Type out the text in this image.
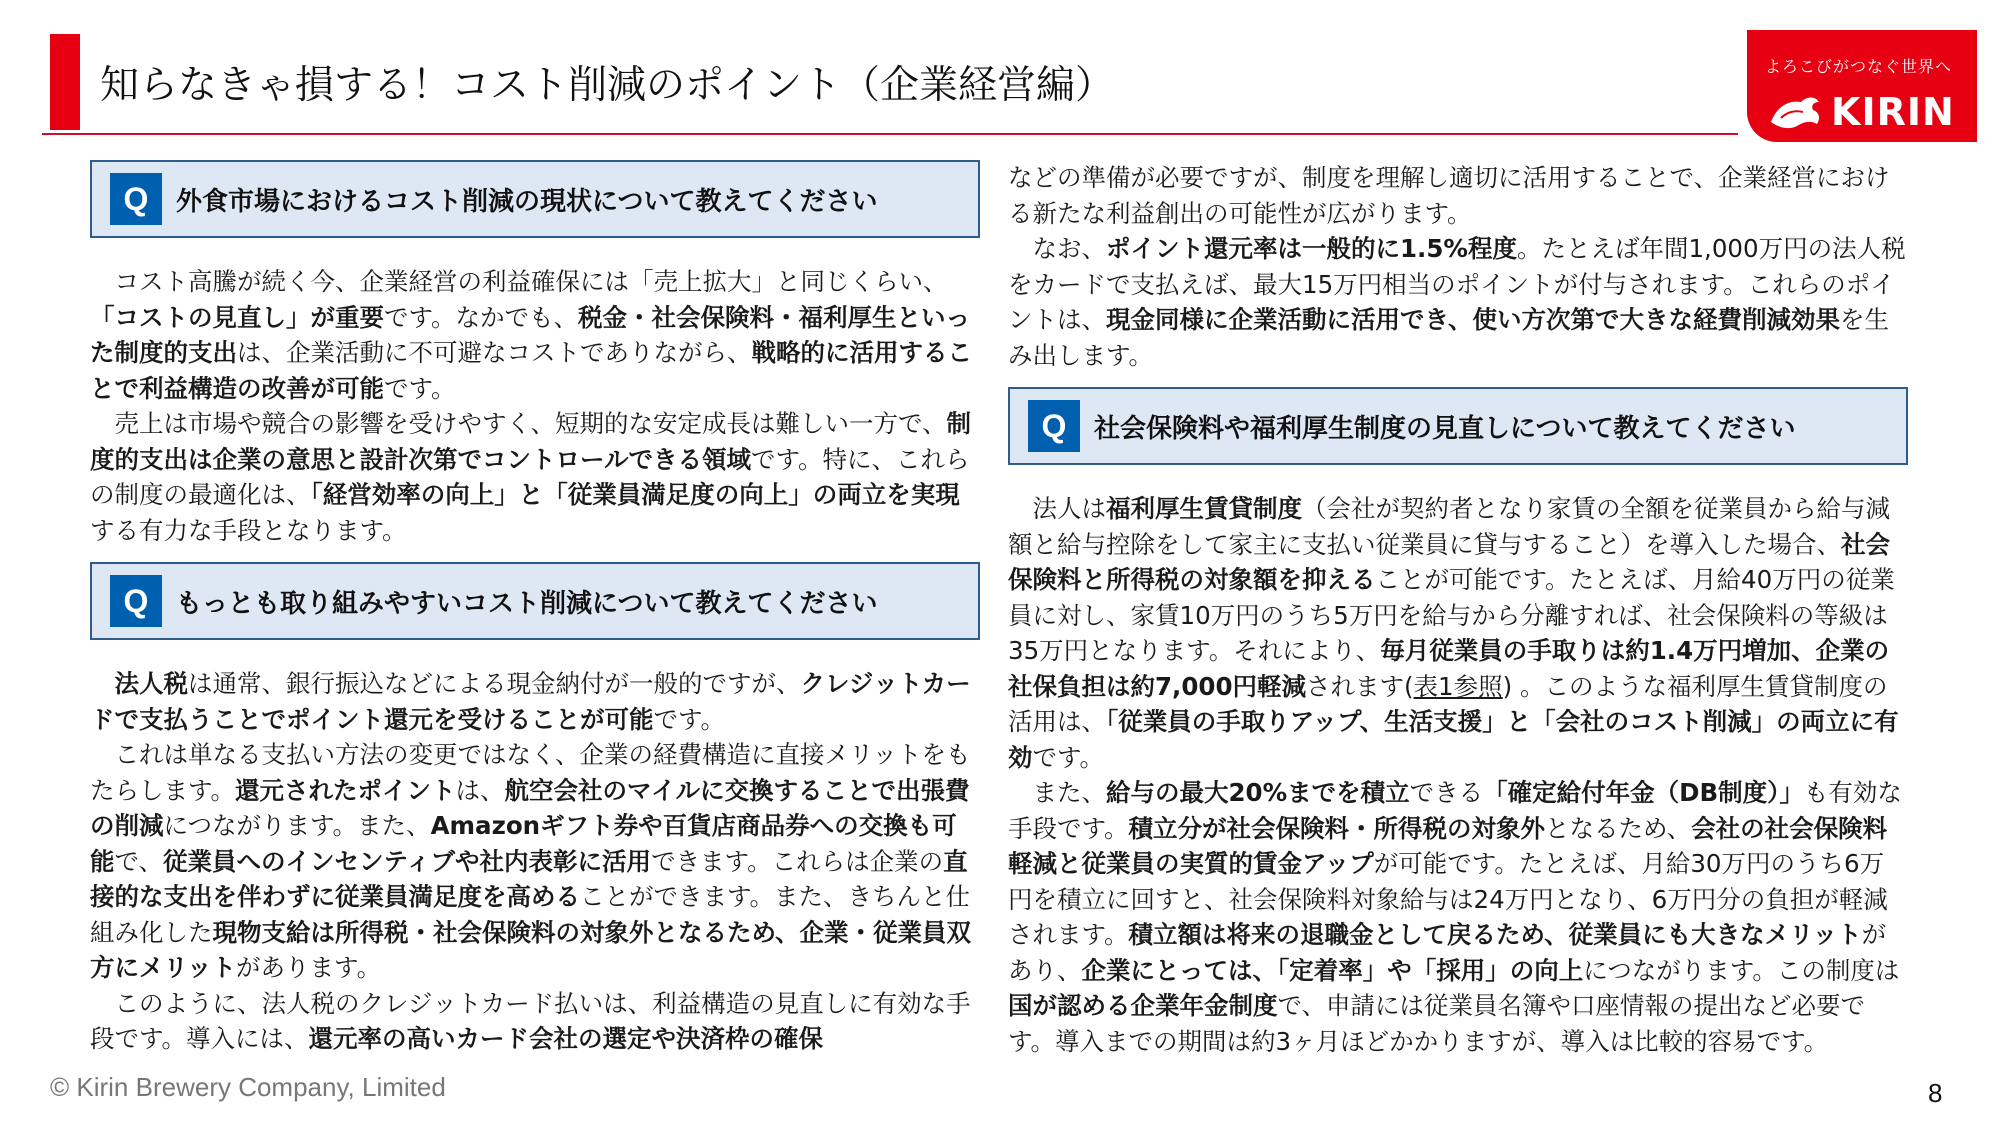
知らなきゃ損する！コスト削減のポイント（企業経営編）	よろこびがつなぐ世界へ
KIRIN
Q	外食市場におけるコスト削減の現状について教えてください

コスト高騰が続く今、企業経営の利益確保には「売上拡大」と同じくらい、「コストの見直し」が重要です。なかでも、税金・社会保険料・福利厚生といった制度的支出は、企業活動に不可避なコストでありながら、戦略的に活用することで利益構造の改善が可能です。

売上は市場や競合の影響を受けやすく、短期的な安定成長は難しい一方で、制度的支出は企業の意思と設計次第でコントロールできる領域です。特に、これらの制度の最適化は、「経営効率の向上」と「従業員満足度の向上」の両立を実現する有力な手段となります。

Q	もっとも取り組みやすいコスト削減について教えてください

法人税は通常、銀行振込などによる現金納付が一般的ですが、クレジットカードで支払うことでポイント還元を受けることが可能です。

これは単なる支払い方法の変更ではなく、企業の経費構造に直接メリットをもたらします。還元されたポイントは、航空会社のマイルに交換することで出張費の削減につながります。また、Amazonギフト券や百貨店商品券への交換も可能で、従業員へのインセンティブや社内表彰に活用できます。これらは企業の直接的な支出を伴わずに従業員満足度を高めることができます。また、きちんと仕組み化した現物支給は所得税・社会保険料の対象外となるため、企業・従業員双方にメリットがあります。

このように、法人税のクレジットカード払いは、利益構造の見直しに有効な手段です。導入には、還元率の高いカード会社の選定や決済枠の確保

などの準備が必要ですが、制度を理解し適切に活用することで、企業経営における新たな利益創出の可能性が広がります。

なお、ポイント還元率は一般的に1.5%程度。たとえば年間1,000万円の法人税をカードで支払えば、最大15万円相当のポイントが付与されます。これらのポイントは、現金同様に企業活動に活用でき、使い方次第で大きな経費削減効果を生み出します。

Q	社会保険料や福利厚生制度の見直しについて教えてください

法人は福利厚生賃貸制度（会社が契約者となり家賃の全額を従業員から給与減額と給与控除をして家主に支払い従業員に貸与すること）を導入した場合、社会保険料と所得税の対象額を抑えることが可能です。たとえば、月給40万円の従業員に対し、家賃10万円のうち5万円を給与から分離すれば、社会保険料の等級は35万円となります。それにより、毎月従業員の手取りは約1.4万円増加、企業の社保負担は約7,000円軽減されます(表1参照) 。このような福利厚生賃貸制度の活用は、「従業員の手取りアップ、生活支援」と「会社のコスト削減」の両立に有効です。

また、給与の最大20%までを積立できる「確定給付年金（DB制度）」も有効な手段です。積立分が社会保険料・所得税の対象外となるため、会社の社会保険料軽減と従業員の実質的賃金アップが可能です。たとえば、月給30万円のうち6万円を積立に回すと、社会保険料対象給与は24万円となり、6万円分の負担が軽減されます。積立額は将来の退職金として戻るため、従業員にも大きなメリットがあり、企業にとっては、「定着率」や「採用」の向上につながります。この制度は国が認める企業年金制度で、申請には従業員名簿や口座情報の提出など必要です。導入までの期間は約3ヶ月ほどかかりますが、導入は比較的容易です。

© Kirin Brewery Company, Limited	8
